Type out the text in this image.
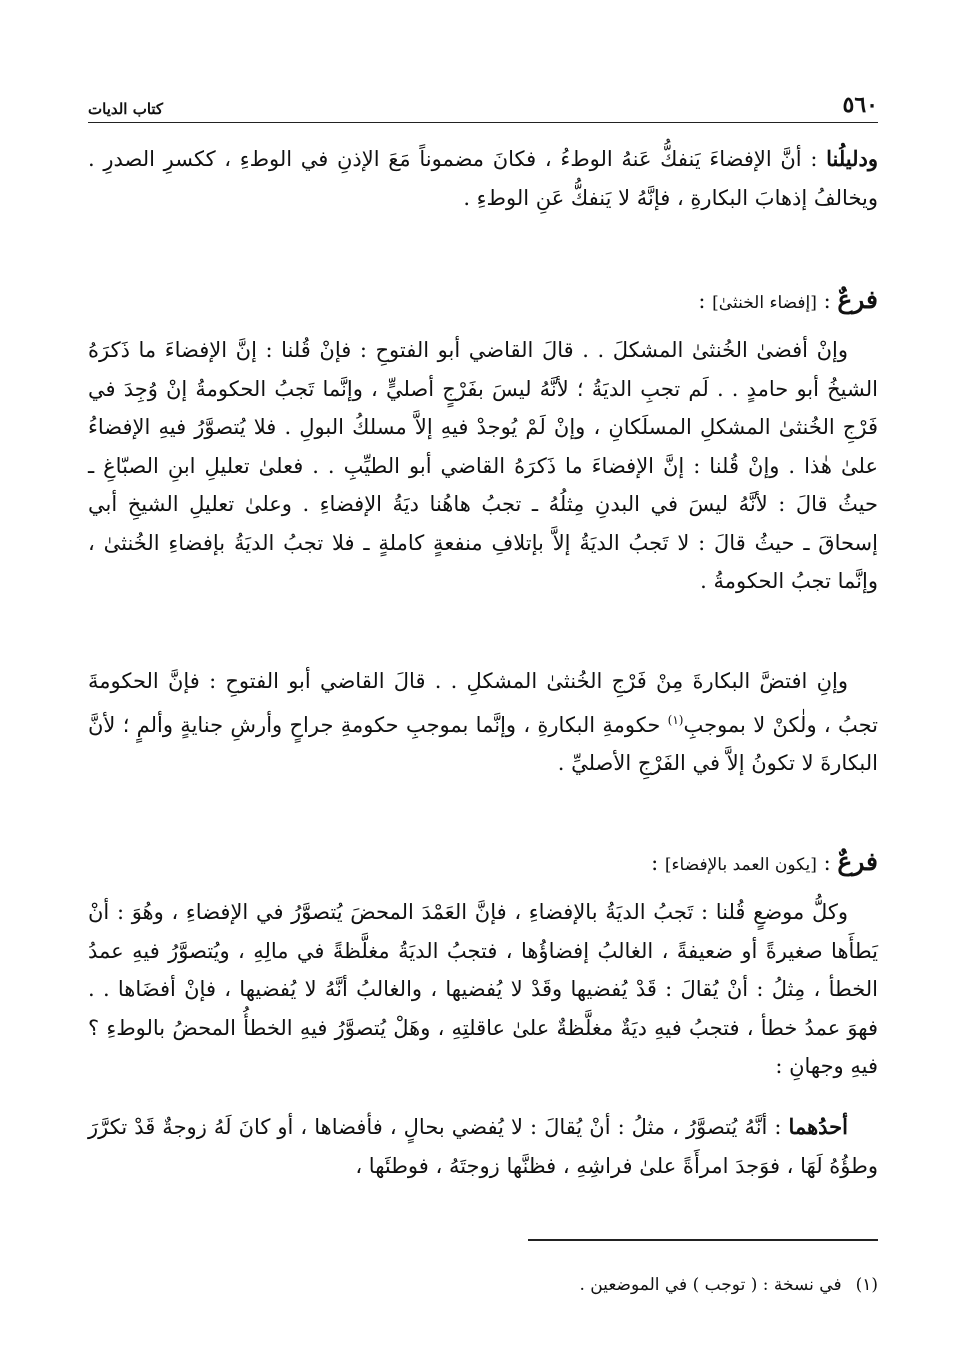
٥٦٠
كتاب الديات

ودليلُنا : أنَّ الإفضاءَ يَنفكُّ عَنهُ الوطءُ ، فكانَ مضموناً مَعَ الإذنِ في الوطءِ ، ككسرِ الصدرِ . ويخالفُ إذهابَ البكارةِ ، فإنَّهُ لا يَنفكُّ عَنِ الوطءِ .

فرعٌ : [إفضاء الخنثىٰ] :

وإنْ أفضىٰ الخُنثىٰ المشكلَ . . قالَ القاضي أبو الفتوحِ : فإنْ قُلنا : إنَّ الإفضاءَ ما ذَكرَهُ الشيخُ أبو حامدٍ . . لَم تجبِ الديَةُ ؛ لأنَّهُ ليسَ بفَرْجٍ أصليٍّ ، وإنَّما تَجبُ الحكومةُ إنْ وُجِدَ في فَرْجِ الخُنثىٰ المشكلِ المسلَكانِ ، وإنْ لَمْ يُوجدْ فيهِ إلاَّ مسلكُ البولِ . فلا يُتصوَّرُ فيهِ الإفضاءُ علىٰ هٰذا . وإنْ قُلنا : إنَّ الإفضاءَ ما ذَكرَهُ القاضي أبو الطيِّبِ . . فعلىٰ تعليلِ ابنِ الصبّاغِ ـ حيثُ قالَ : لأنَّهُ ليسَ في البدنِ مِثلُهُ ـ تجبُ هاهُنا ديَةُ الإفضاءِ . وعلىٰ تعليلِ الشيخِ أبي إسحاقَ ـ حيثُ قالَ : لا تَجبُ الديَةُ إلاَّ بإتلافِ منفعةٍ كاملةٍ ـ فلا تجبُ الديَةُ بإفضاءِ الخُنثىٰ ، وإنَّما تجبُ الحكومةُ .

وإنِ افتضَّ البكارةَ مِنْ فَرْجِ الخُنثىٰ المشكلِ . . قالَ القاضي أبو الفتوحِ : فإنَّ الحكومةَ تجبُ ، ولٰكنْ لا بموجبِ$^{(١)}$ حكومةِ البكارةِ ، وإنَّما بموجبِ حكومةِ جراحٍ وأرشِ جنايةٍ وألمٍ ؛ لأنَّ البكارةَ لا تكونُ إلاَّ في الفَرْجِ الأصليِّ .

فرعٌ : [يكون العمد بالإفضاء] :

وكلُّ موضعٍ قُلنا : تَجبُ الديَةُ بالإفضاءِ ، فإنَّ العَمْدَ المحضَ يُتصوَّرُ في الإفضاءِ ، وهُوَ : أنْ يَطأَها صغيرةً أو ضعيفةً ، الغالبُ إفضاؤُها ، فتجبُ الديَةُ مغلَّظةً في مالِهِ ، ويُتصوَّرُ فيهِ عمدُ الخطأ ، مِثلُ : أنْ يُقالَ : قَدْ يُفضيها وقَدْ لا يُفضيها ، والغالبُ أنَّهُ لا يُفضيها ، فإنْ أفضَاها . . فهوَ عمدُ خطأ ، فتجبُ فيهِ ديَةٌ مغلَّظةٌ علىٰ عاقلتِهِ ، وهَلْ يُتصوَّرُ فيهِ الخطأُ المحضُ بالوطءِ ؟ فيهِ وجهانِ :

أحدُهما : أنَّهُ يُتصوَّرُ ، مثلُ : أنْ يُقالَ : لا يُفضي بحالٍ ، فأفضاها ، أو كانَ لَهُ زوجةٌ قَدْ تكرَّرَ وطؤُهُ لَهَا ، فوَجدَ امرأَةً علىٰ فراشِهِ ، فظنَّها زوجتَهُ ، فوطئَها ،

(١)في نسخة : ( توجب ) في الموضعين .
